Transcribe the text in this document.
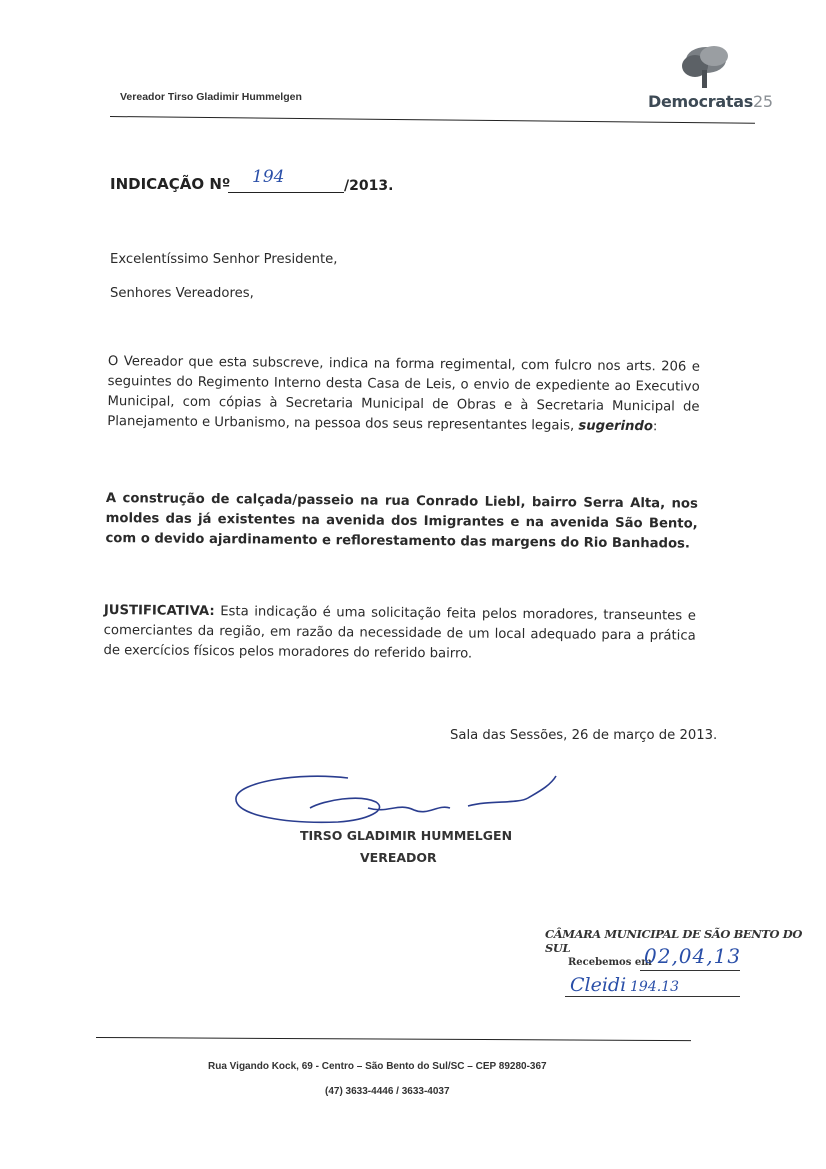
Vereador Tirso Gladimir Hummelgen	Democratas25
INDICAÇÃO Nº 194	/2013.
Excelentíssimo Senhor Presidente,
Senhores Vereadores,
O Vereador que esta subscreve, indica na forma regimental, com fulcro nos arts. 206 e seguintes do Regimento Interno desta Casa de Leis, o envio de expediente ao Executivo Municipal, com cópias à Secretaria Municipal de Obras e à Secretaria Municipal de Planejamento e Urbanismo, na pessoa dos seus representantes legais, sugerindo:
A construção de calçada/passeio na rua Conrado Liebl, bairro Serra Alta, nos moldes das já existentes na avenida dos Imigrantes e na avenida São Bento, com o devido ajardinamento e reflorestamento das margens do Rio Banhados.
JUSTIFICATIVA: Esta indicação é uma solicitação feita pelos moradores, transeuntes e comerciantes da região, em razão da necessidade de um local adequado para a prática de exercícios físicos pelos moradores do referido bairro.
Sala das Sessões, 26 de março de 2013.
TIRSO GLADIMIR HUMMELGEN
VEREADOR
CÂMARA MUNICIPAL DE SÃO BENTO DO SUL
Recebemos em
02,04,13
Cleidi 194.13
Rua Vigando Kock, 69 - Centro – São Bento do Sul/SC – CEP 89280-367
(47) 3633-4446 / 3633-4037
